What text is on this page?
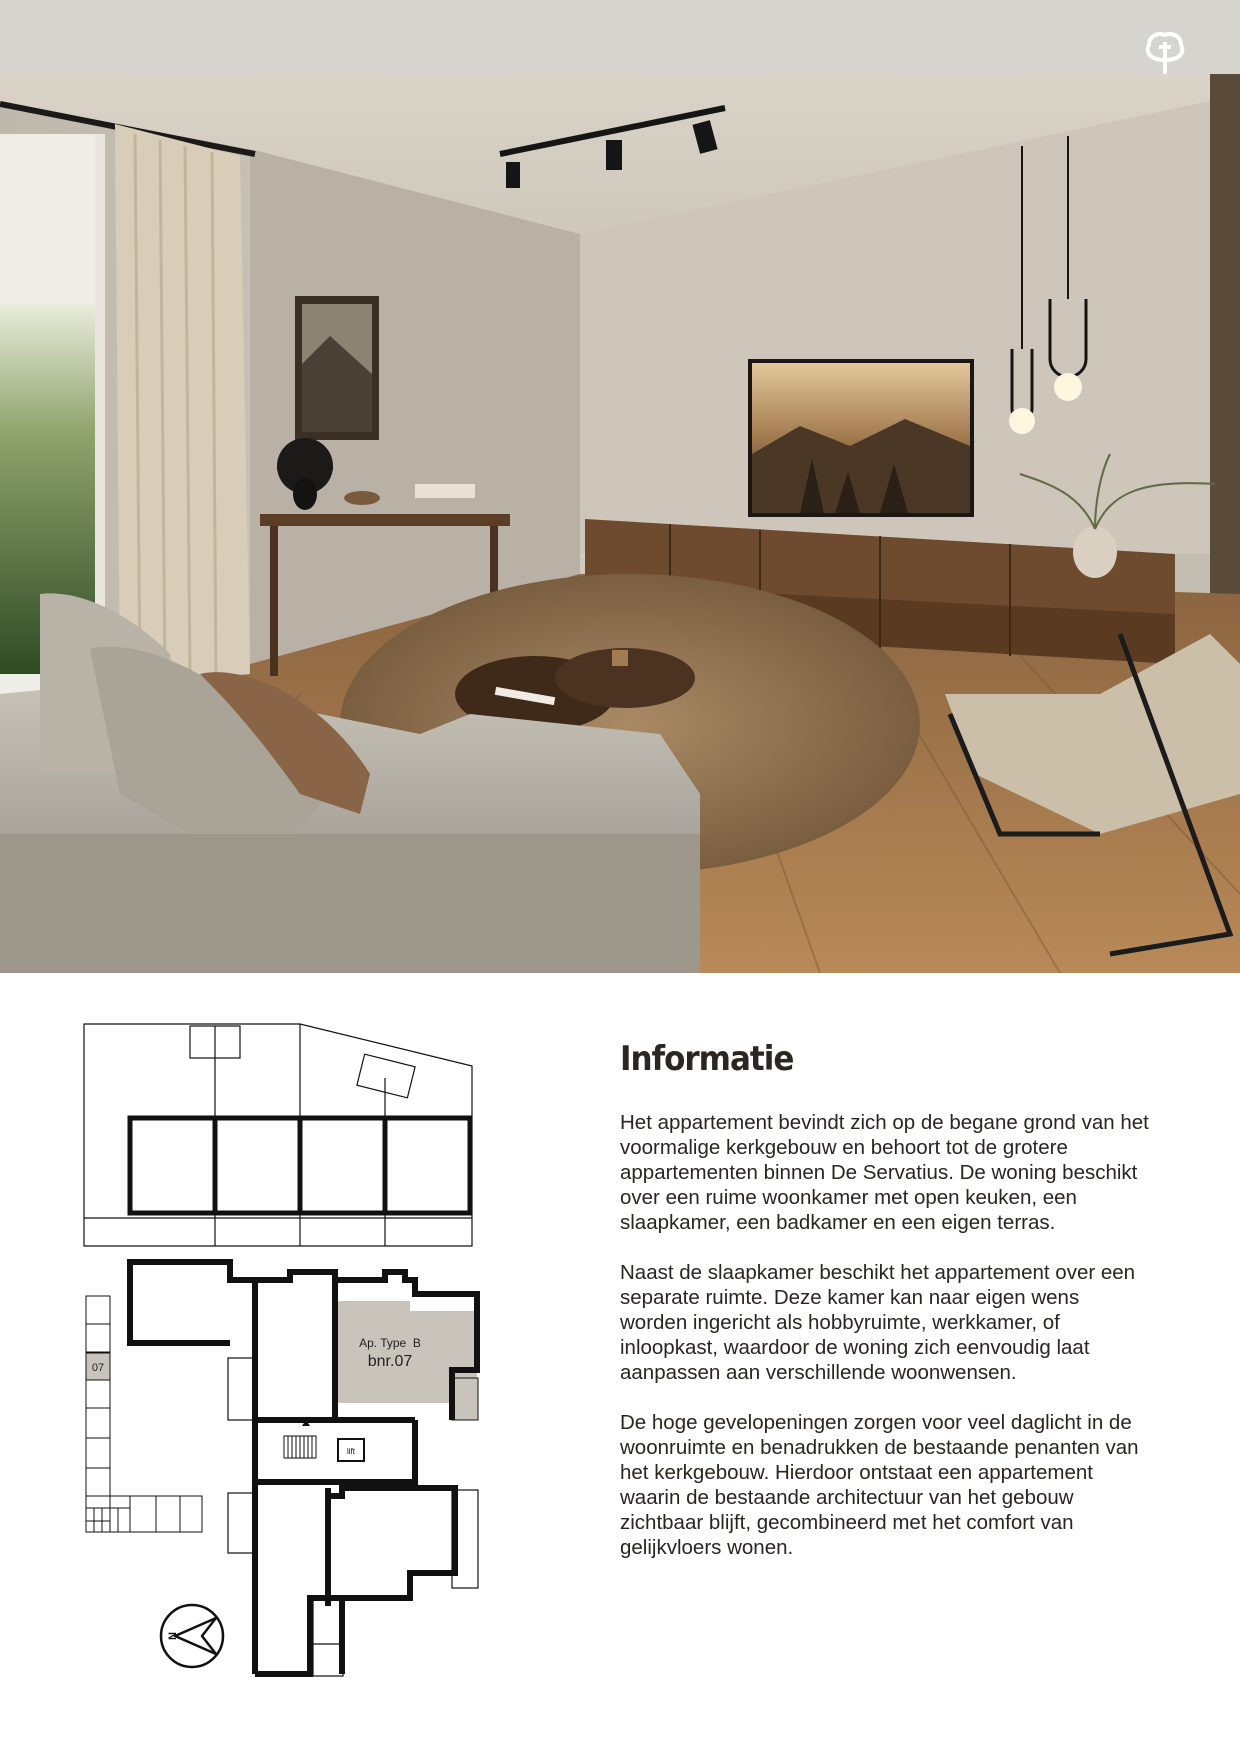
07
lift
Ap. Type  B
bnr.07
N
Informatie

Het appartement bevindt zich op de begane grond van het voormalige kerkgebouw en behoort tot de grotere appartementen binnen De Servatius. De woning beschikt over een ruime woonkamer met open keuken, een slaapkamer, een badkamer en een eigen terras.

Naast de slaapkamer beschikt het appartement over een separate ruimte. Deze kamer kan naar eigen wens worden ingericht als hobbyruimte, werkkamer, of inloopkast, waardoor de woning zich eenvoudig laat aanpassen aan verschillende woonwensen.

De hoge gevelopeningen zorgen voor veel daglicht in de woonruimte en benadrukken de bestaande penanten van het kerkgebouw. Hierdoor ontstaat een appartement waarin de bestaande architectuur van het gebouw zichtbaar blijft, gecombineerd met het comfort van gelijkvloers wonen.
